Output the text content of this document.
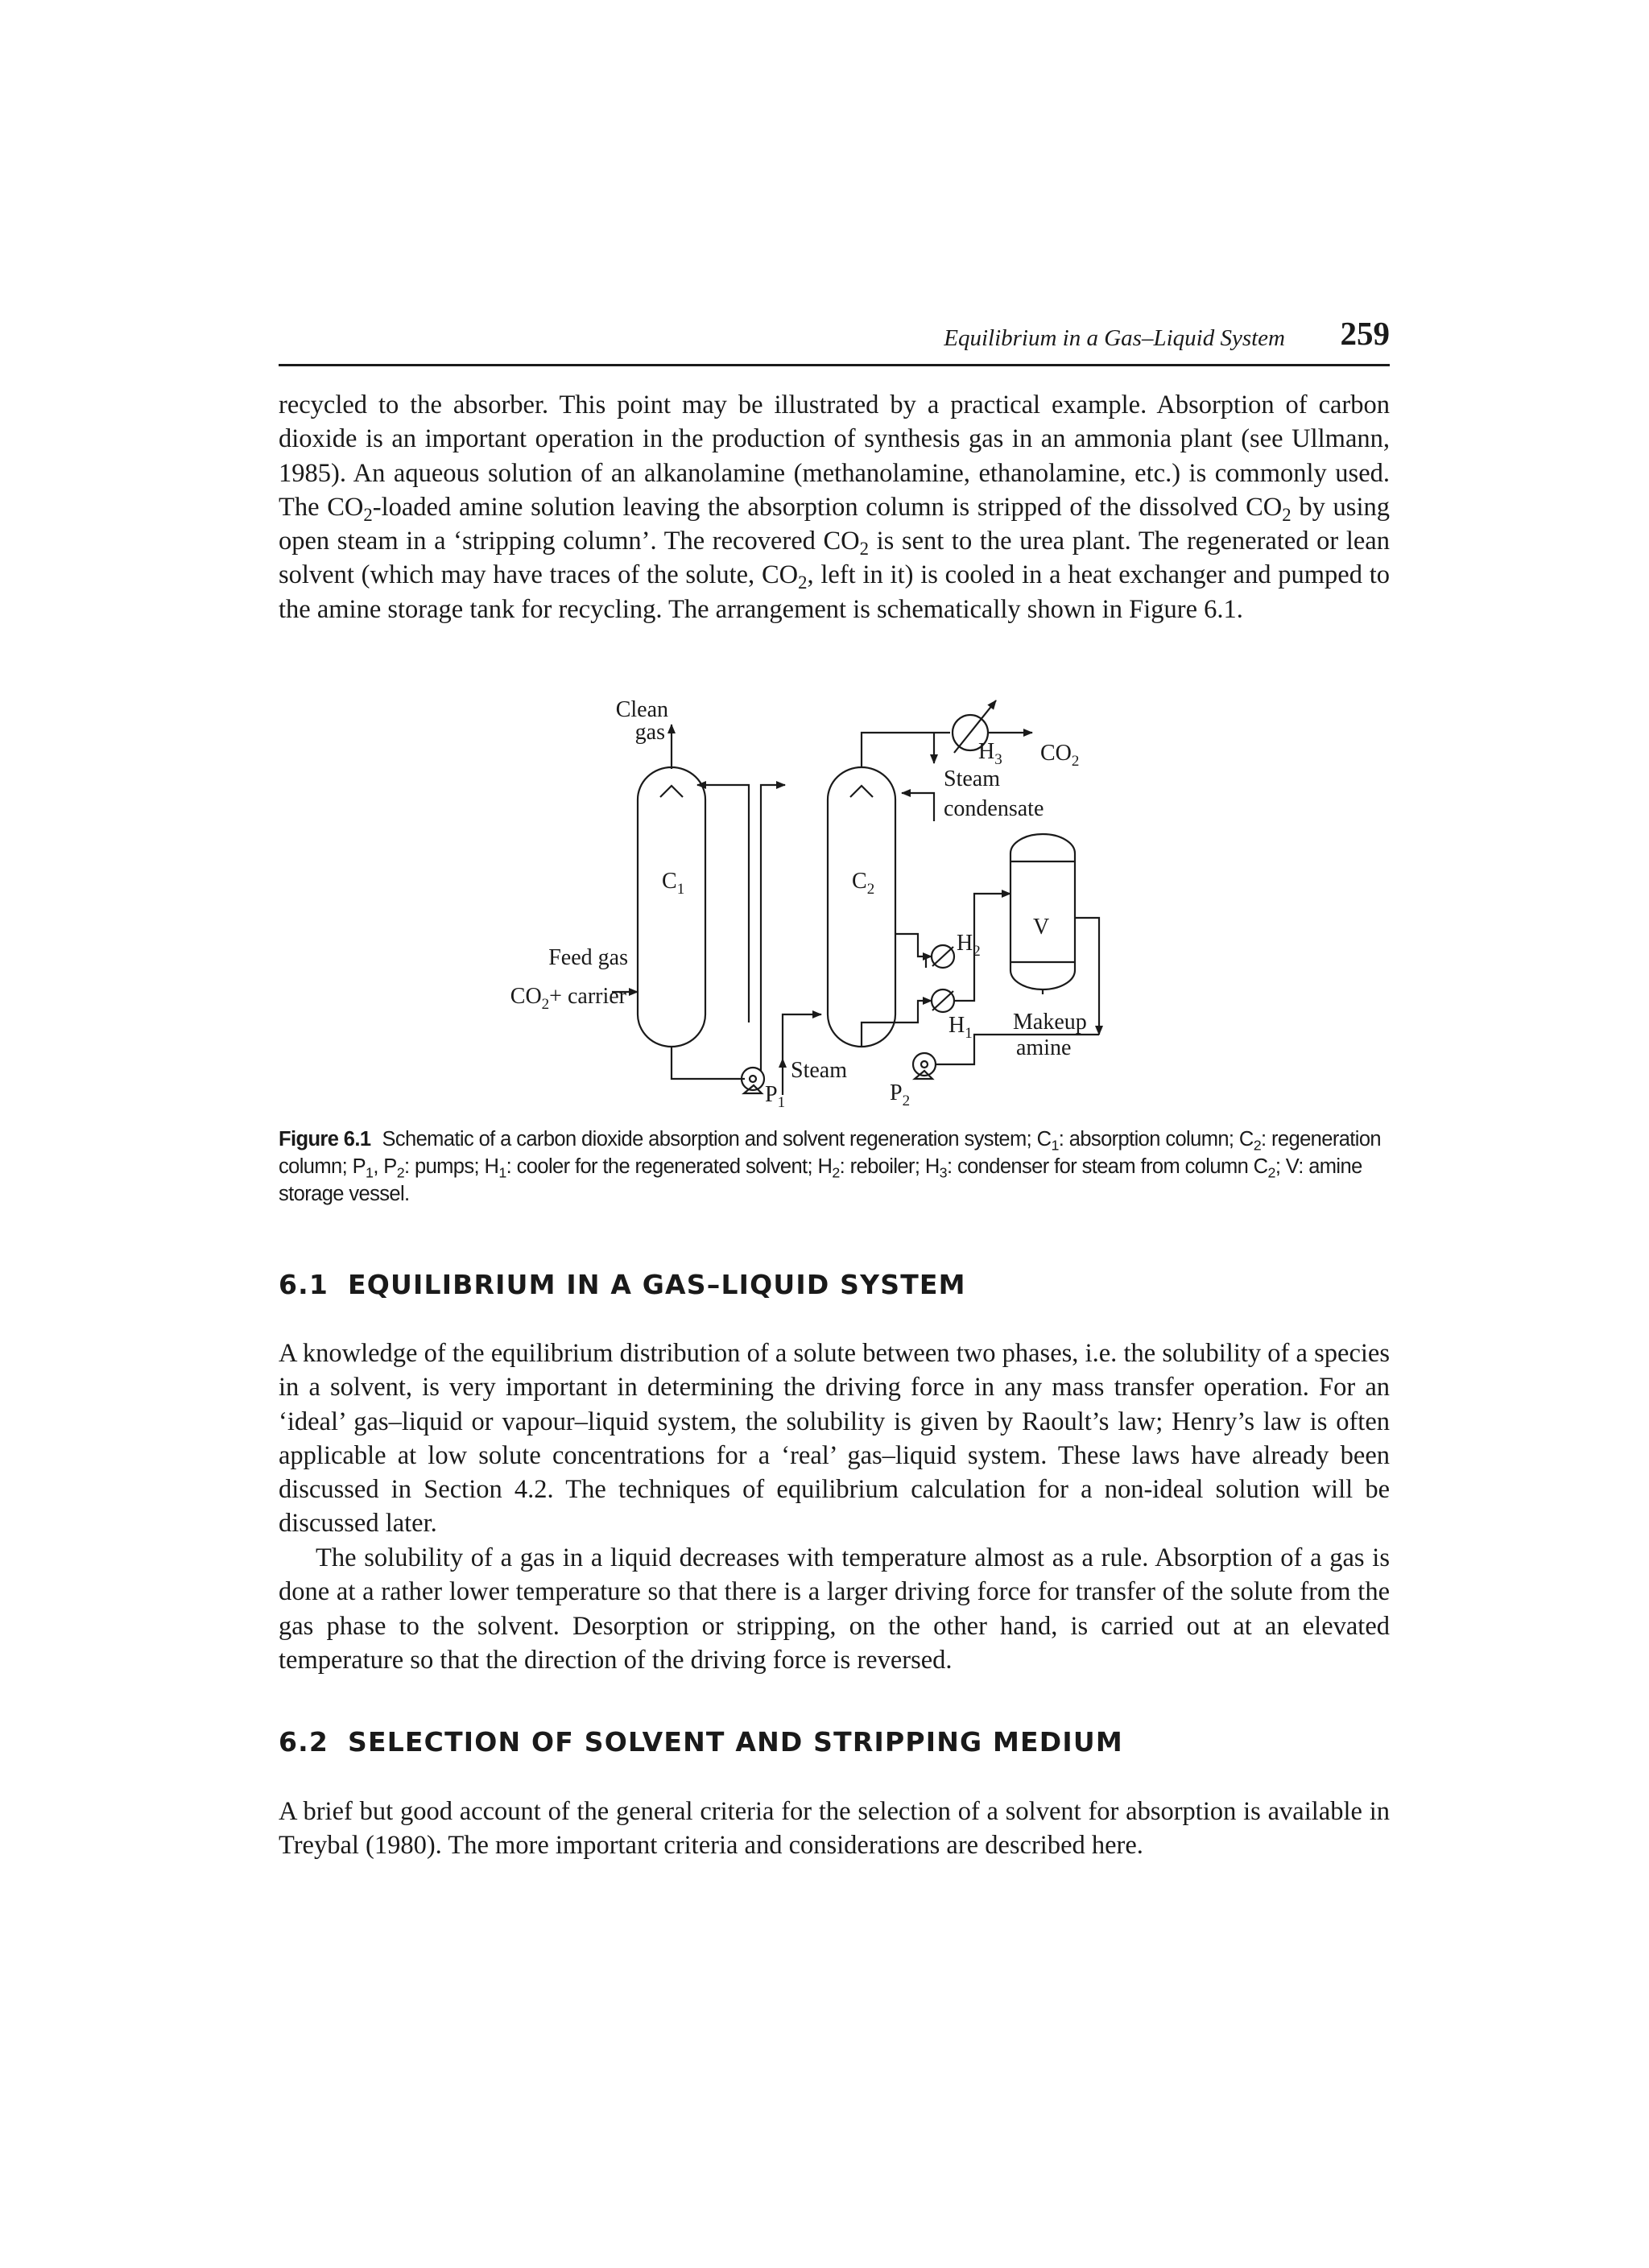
Equilibrium in a Gas–Liquid System 259

recycled to the absorber. This point may be illustrated by a practical example. Absorption of carbon dioxide is an important operation in the production of synthesis gas in an ammonia plant (see Ullmann, 1985). An aqueous solution of an alkanolamine (methanolamine, ethanolamine, etc.) is commonly used. The $CO_2$-loaded amine solution leaving the absorption column is stripped of the dissolved $CO_2$ by using open steam in a ‘stripping column’. The recovered $CO_2$ is sent to the urea plant. The regenerated or lean solvent (which may have traces of the solute, $CO_2$, left in it) is cooled in a heat exchanger and pumped to the amine storage tank for recycling. The arrangement is schematically shown in Figure 6.1.

Clean
gas
$C_1$	$C_2$
Feed gas
$CO_2+$ carrier
$H_3$ $CO_2$
Steam
condensate
V
$H_2$
$H_1$ Makeup
amine
Steam
$P_1$	$P_2$

Figure 6.1 Schematic of a carbon dioxide absorption and solvent regeneration system; $C_1$: absorption column; $C_2$: regeneration column; $P_1$, $P_2$: pumps; $H_1$: cooler for the regenerated solvent; $H_2$: reboiler; $H_3$: condenser for steam from column $C_2$; V: amine storage vessel.

6.1 EQUILIBRIUM IN A GAS–LIQUID SYSTEM

A knowledge of the equilibrium distribution of a solute between two phases, i.e. the solubility of a species in a solvent, is very important in determining the driving force in any mass transfer operation. For an ‘ideal’ gas–liquid or vapour–liquid system, the solubility is given by Raoult’s law; Henry’s law is often applicable at low solute concentrations for a ‘real’ gas–liquid system. These laws have already been discussed in Section 4.2. The techniques of equilibrium calculation for a non-ideal solution will be discussed later.

The solubility of a gas in a liquid decreases with temperature almost as a rule. Absorption of a gas is done at a rather lower temperature so that there is a larger driving force for transfer of the solute from the gas phase to the solvent. Desorption or stripping, on the other hand, is carried out at an elevated temperature so that the direction of the driving force is reversed.

6.2 SELECTION OF SOLVENT AND STRIPPING MEDIUM

A brief but good account of the general criteria for the selection of a solvent for absorption is available in Treybal (1980). The more important criteria and considerations are described here.
